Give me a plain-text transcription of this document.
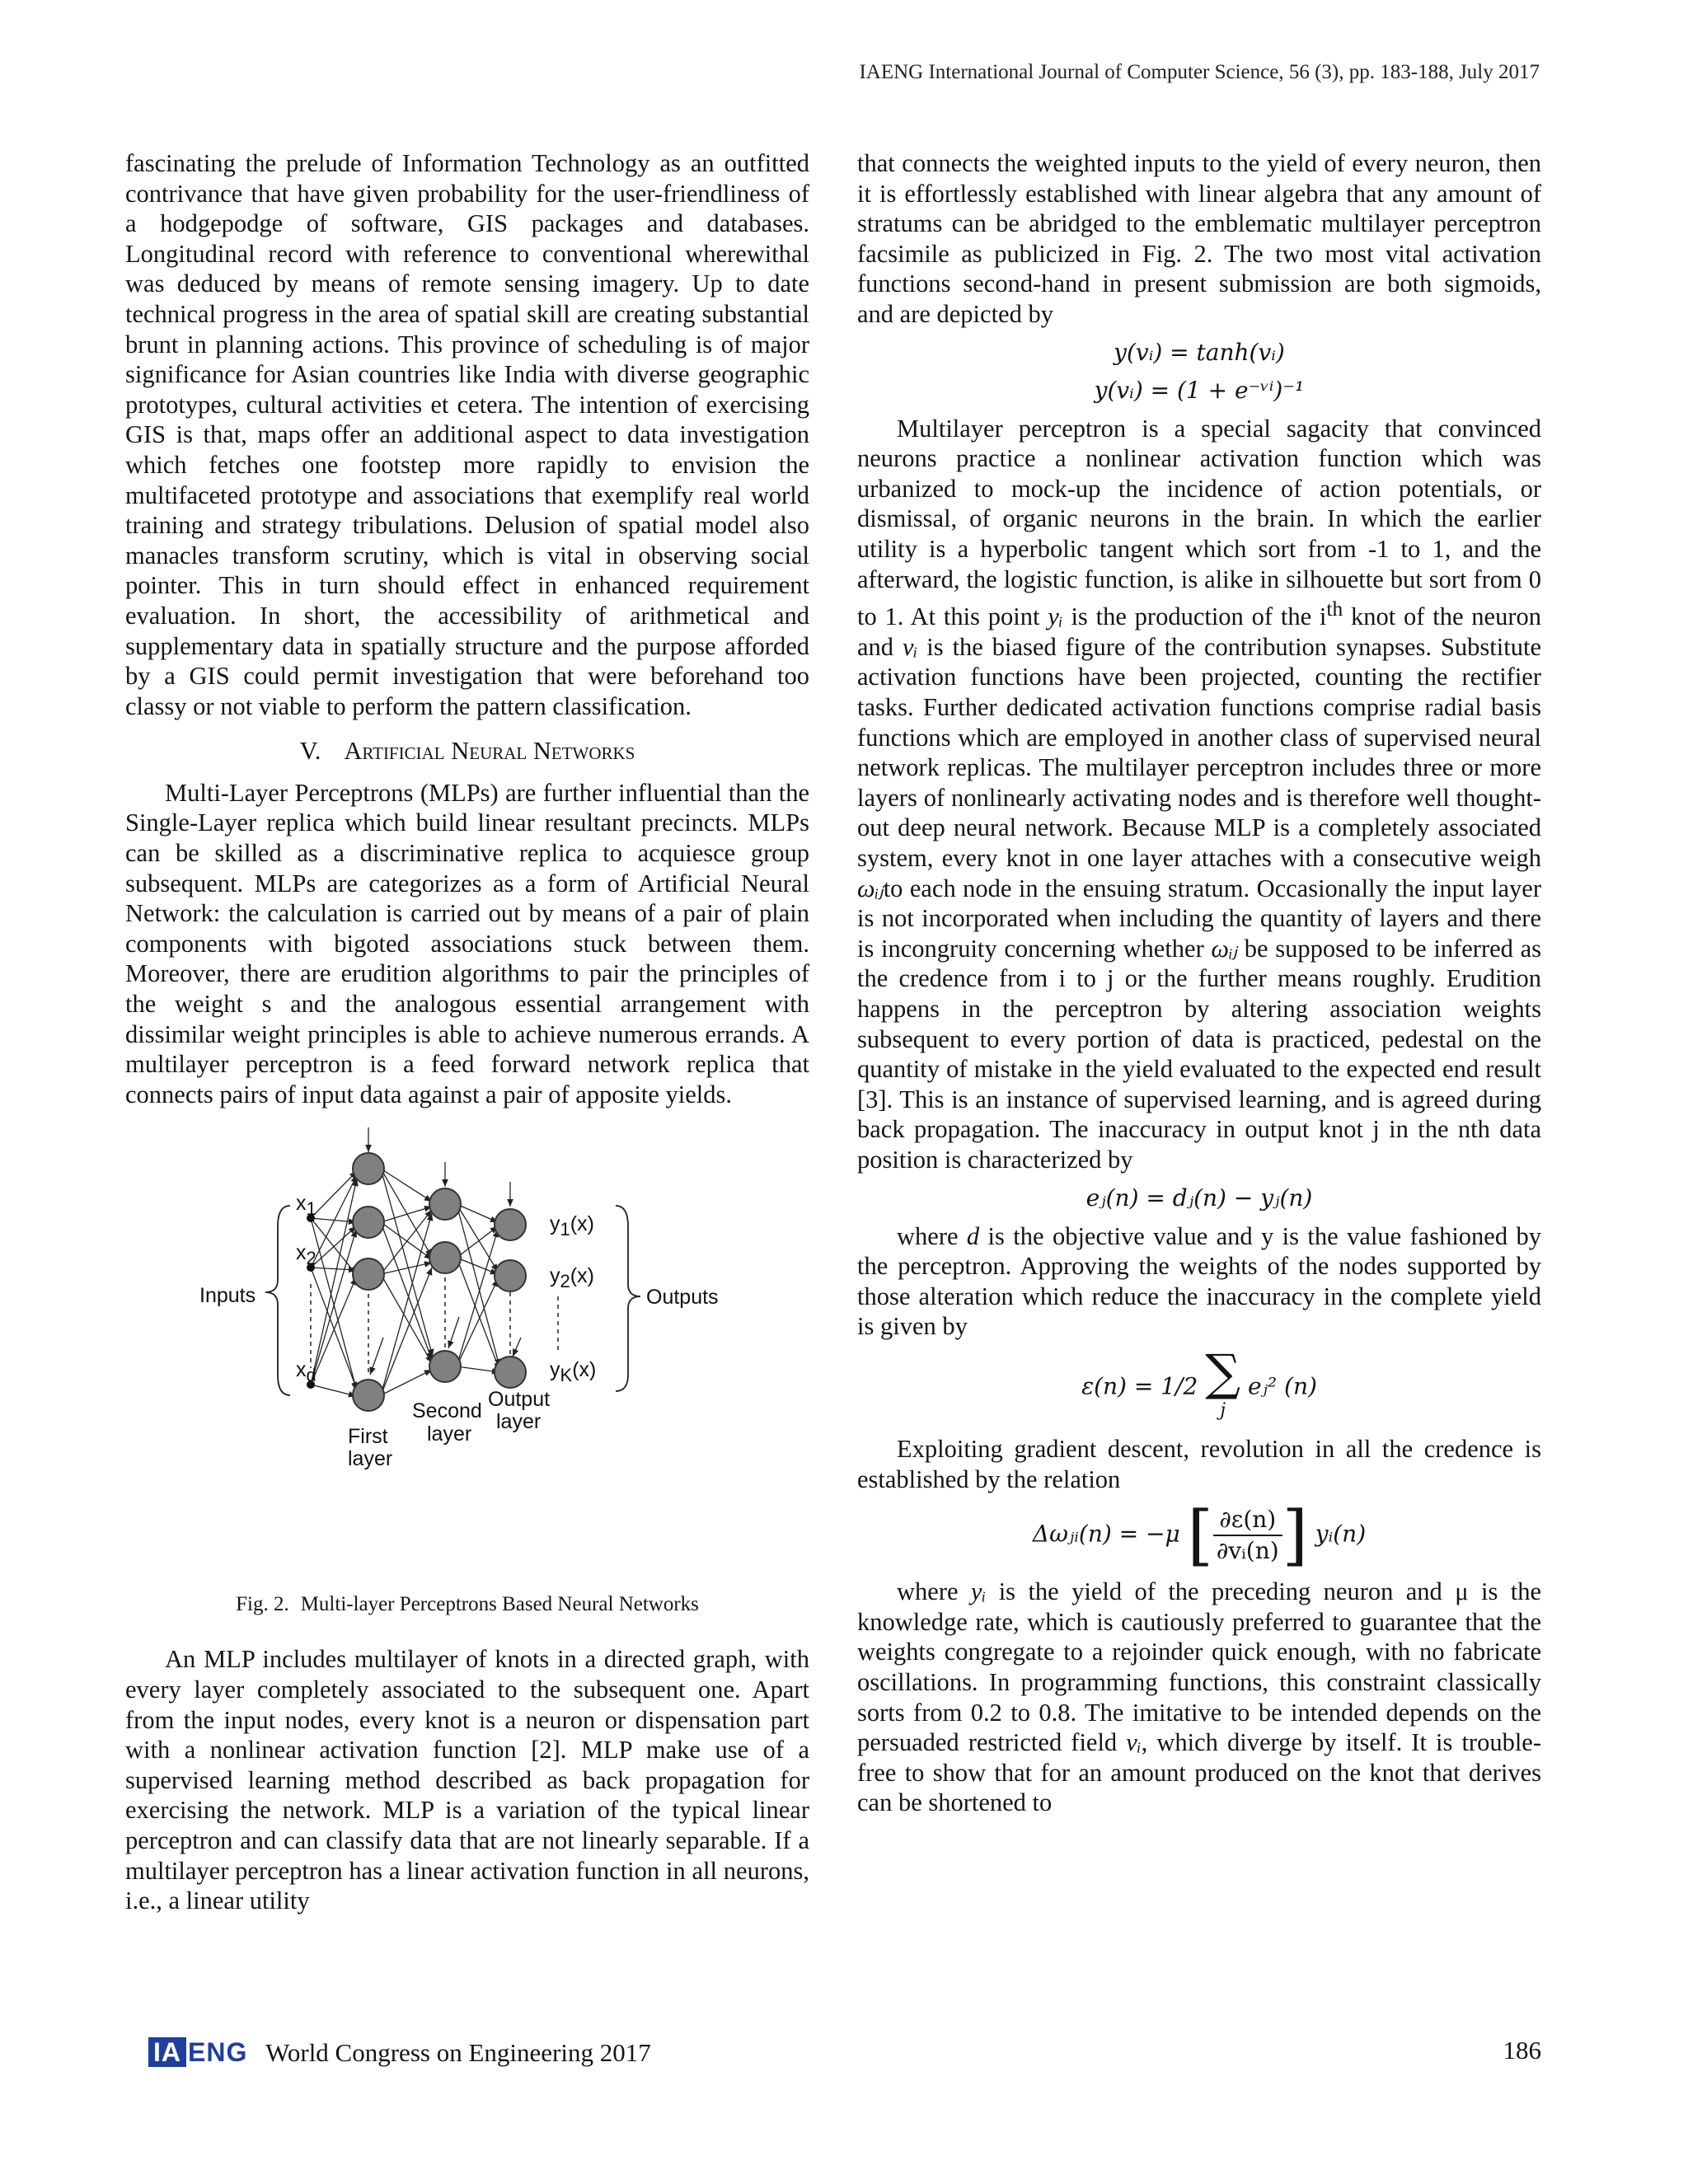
IAENG International Journal of Computer Science, 56 (3), pp. 183-188, July 2017

fascinating the prelude of Information Technology as an outfitted contrivance that have given probability for the user-friendliness of a hodgepodge of software, GIS packages and databases. Longitudinal record with reference to conventional wherewithal was deduced by means of remote sensing imagery. Up to date technical progress in the area of spatial skill are creating substantial brunt in planning actions. This province of scheduling is of major significance for Asian countries like India with diverse geographic prototypes, cultural activities et cetera. The intention of exercising GIS is that, maps offer an additional aspect to data investigation which fetches one footstep more rapidly to envision the multifaceted prototype and associations that exemplify real world training and strategy tribulations. Delusion of spatial model also manacles transform scrutiny, which is vital in observing social pointer. This in turn should effect in enhanced requirement evaluation. In short, the accessibility of arithmetical and supplementary data in spatially structure and the purpose afforded by a GIS could permit investigation that were beforehand too classy or not viable to perform the pattern classification.

V. Artificial Neural Networks

Multi-Layer Perceptrons (MLPs) are further influential than the Single-Layer replica which build linear resultant precincts. MLPs can be skilled as a discriminative replica to acquiesce group subsequent. MLPs are categorizes as a form of Artificial Neural Network: the calculation is carried out by means of a pair of plain components with bigoted associations stuck between them. Moreover, there are erudition algorithms to pair the principles of the weight s and the analogous essential arrangement with dissimilar weight principles is able to achieve numerous errands. A multilayer perceptron is a feed forward network replica that connects pairs of input data against a pair of apposite yields.

Inputs	Outputs
x1
x2
xd
y1(x)
y2(x)
yK(x)
First
layer
Second
layer
Output
layer
Fig. 2. Multi-layer Perceptrons Based Neural Networks

An MLP includes multilayer of knots in a directed graph, with every layer completely associated to the subsequent one. Apart from the input nodes, every knot is a neuron or dispensation part with a nonlinear activation function [2]. MLP make use of a supervised learning method described as back propagation for exercising the network. MLP is a variation of the typical linear perceptron and can classify data that are not linearly separable. If a multilayer perceptron has a linear activation function in all neurons, i.e., a linear utility

that connects the weighted inputs to the yield of every neuron, then it is effortlessly established with linear algebra that any amount of stratums can be abridged to the emblematic multilayer perceptron facsimile as publicized in Fig. 2. The two most vital activation functions second-hand in present submission are both sigmoids, and are depicted by

y(vᵢ) = tanh(vᵢ)
y(vᵢ) = (1 + e⁻ᵛⁱ)⁻¹

Multilayer perceptron is a special sagacity that convinced neurons practice a nonlinear activation function which was urbanized to mock-up the incidence of action potentials, or dismissal, of organic neurons in the brain. In which the earlier utility is a hyperbolic tangent which sort from -1 to 1, and the afterward, the logistic function, is alike in silhouette but sort from 0 to 1. At this point yᵢ is the production of the $i^{th}$ knot of the neuron and vᵢ is the biased figure of the contribution synapses. Substitute activation functions have been projected, counting the rectifier tasks. Further dedicated activation functions comprise radial basis functions which are employed in another class of supervised neural network replicas. The multilayer perceptron includes three or more layers of nonlinearly activating nodes and is therefore well thought-out deep neural network. Because MLP is a completely associated system, every knot in one layer attaches with a consecutive weigh ωᵢⱼto each node in the ensuing stratum. Occasionally the input layer is not incorporated when including the quantity of layers and there is incongruity concerning whether ωᵢⱼ be supposed to be inferred as the credence from i to j or the further means roughly. Erudition happens in the perceptron by altering association weights subsequent to every portion of data is practiced, pedestal on the quantity of mistake in the yield evaluated to the expected end result [3]. This is an instance of supervised learning, and is agreed during back propagation. The inaccuracy in output knot j in the nth data position is characterized by

eⱼ(n) = dⱼ(n) − yⱼ(n)

where d is the objective value and y is the value fashioned by the perceptron. Approving the weights of the nodes supported by those alteration which reduce the inaccuracy in the complete yield is given by

ε(n) = 1/2 ∑
j
eⱼ² (n)

Exploiting gradient descent, revolution in all the credence is established by the relation

Δωⱼᵢ(n) = −μ [ $\frac{\partial\varepsilon(n)}{\text{∂vᵢ(n)}}$ ] yᵢ(n)

where yᵢ is the yield of the preceding neuron and μ is the knowledge rate, which is cautiously preferred to guarantee that the weights congregate to a rejoinder quick enough, with no fabricate oscillations. In programming functions, this constraint classically sorts from 0.2 to 0.8. The imitative to be intended depends on the persuaded restricted field vᵢ, which diverge by itself. It is trouble-free to show that for an amount produced on the knot that derives can be shortened to

IA ENG World Congress on Engineering 2017	186
